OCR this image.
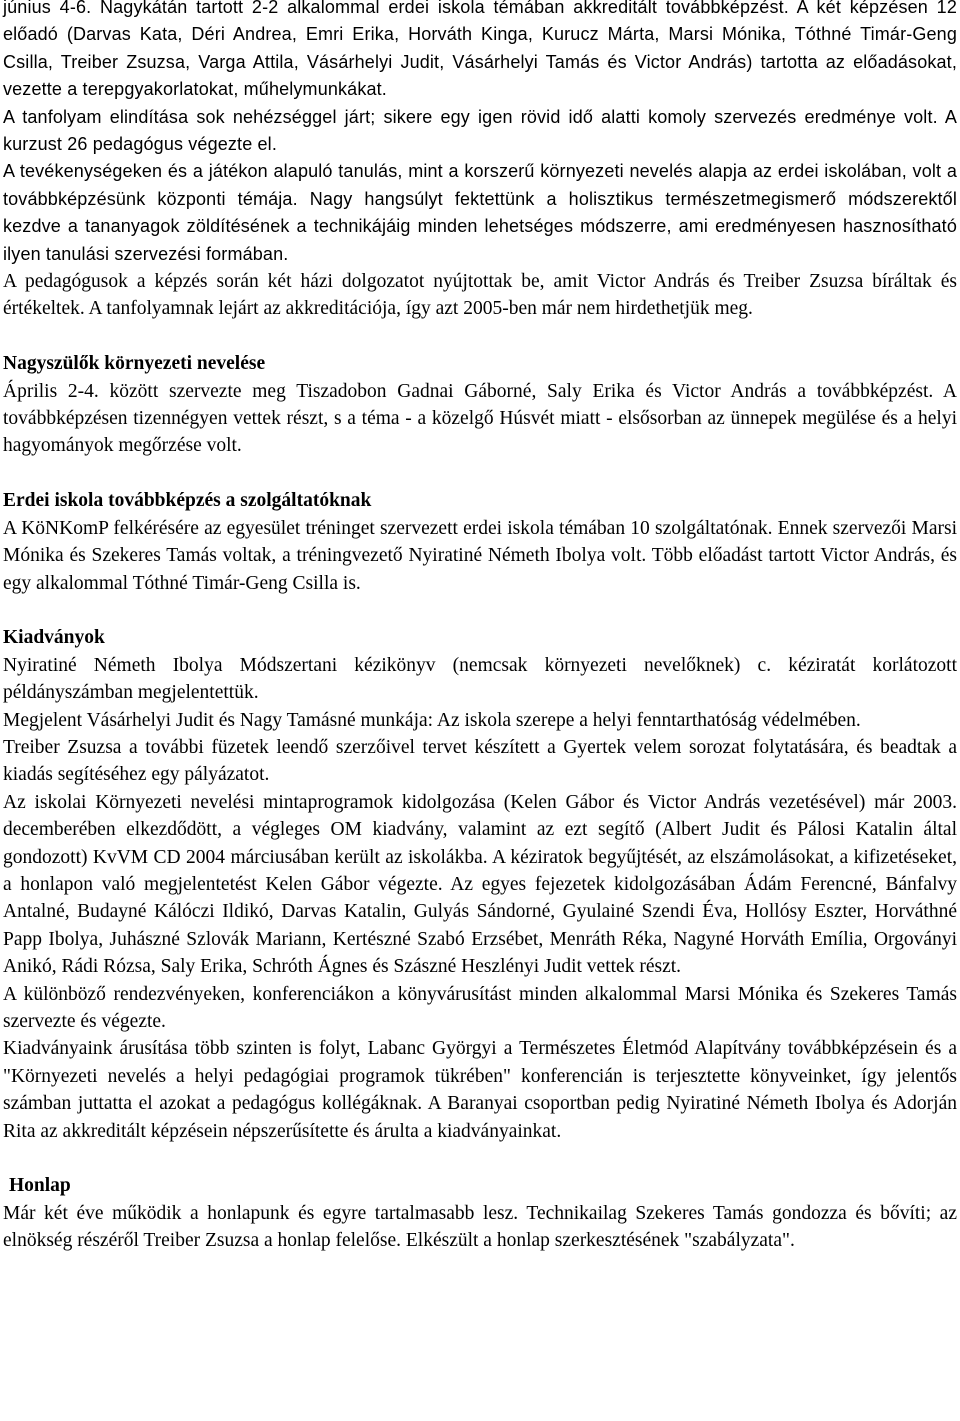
június 4-6. Nagykátán tartott 2-2 alkalommal erdei iskola témában akkreditált továbbképzést. A két képzésen 12 előadó (Darvas Kata, Déri Andrea, Emri Erika, Horváth Kinga, Kurucz Márta, Marsi Mónika, Tóthné Timár-Geng Csilla, Treiber Zsuzsa, Varga Attila, Vásárhelyi Judit, Vásárhelyi Tamás és Victor András) tartotta az előadásokat, vezette a terepgyakorlatokat, műhelymunkákat.

A tanfolyam elindítása sok nehézséggel járt; sikere egy igen rövid idő alatti komoly szervezés eredménye volt. A kurzust 26 pedagógus végezte el.

A tevékenységeken és a játékon alapuló tanulás, mint a korszerű környezeti nevelés alapja az erdei iskolában, volt a továbbképzésünk központi témája. Nagy hangsúlyt fektettünk a holisztikus természetmegismerő módszerektől kezdve a tananyagok zöldítésének a technikájáig minden lehetséges módszerre, ami eredményesen hasznosítható ilyen tanulási szervezési formában.

A pedagógusok a képzés során két házi dolgozatot nyújtottak be, amit Victor András és Treiber Zsuzsa bíráltak és értékeltek. A tanfolyamnak lejárt az akkreditációja, így azt 2005-ben már nem hirdethetjük meg.

Nagyszülők környezeti nevelése

Április 2-4. között szervezte meg Tiszadobon Gadnai Gáborné, Saly Erika és Victor András a továbbképzést. A továbbképzésen tizennégyen vettek részt, s a téma - a közelgő Húsvét miatt - elsősorban az ünnepek megülése és a helyi hagyományok megőrzése volt.

Erdei iskola továbbképzés a szolgáltatóknak

A KöNKomP felkérésére az egyesület tréninget szervezett erdei iskola témában 10 szolgáltatónak. Ennek szervezői Marsi Mónika és Szekeres Tamás voltak, a tréningvezető Nyiratiné Németh Ibolya volt. Több előadást tartott Victor András, és egy alkalommal Tóthné Timár-Geng Csilla is.

Kiadványok

Nyiratiné Németh Ibolya Módszertani kézikönyv (nemcsak környezeti nevelőknek) c. kéziratát korlátozott példányszámban megjelentettük.

Megjelent Vásárhelyi Judit és Nagy Tamásné munkája: Az iskola szerepe a helyi fenntarthatóság védelmében.

Treiber Zsuzsa a további füzetek leendő szerzőivel tervet készített a Gyertek velem sorozat folytatására, és beadtak a kiadás segítéséhez egy pályázatot.

Az iskolai Környezeti nevelési mintaprogramok kidolgozása (Kelen Gábor és Victor András vezetésével) már 2003. decemberében elkezdődött, a végleges OM kiadvány, valamint az ezt segítő (Albert Judit és Pálosi Katalin által gondozott) KvVM CD 2004 márciusában került az iskolákba. A kéziratok begyűjtését, az elszámolásokat, a kifizetéseket, a honlapon való megjelentetést Kelen Gábor végezte. Az egyes fejezetek kidolgozásában Ádám Ferencné, Bánfalvy Antalné, Budayné Kálóczi Ildikó, Darvas Katalin, Gulyás Sándorné, Gyulainé Szendi Éva, Hollósy Eszter, Horváthné Papp Ibolya, Juhászné Szlovák Mariann, Kertészné Szabó Erzsébet, Menráth Réka, Nagyné Horváth Emília, Orgoványi Anikó, Rádi Rózsa, Saly Erika, Schróth Ágnes és Szászné Heszlényi Judit vettek részt.

A különböző rendezvényeken, konferenciákon a könyvárusítást minden alkalommal Marsi Mónika és Szekeres Tamás szervezte és végezte.

Kiadványaink árusítása több szinten is folyt, Labanc Györgyi a Természetes Életmód Alapítvány továbbképzésein és a "Környezeti nevelés a helyi pedagógiai programok tükrében" konferencián is terjesztette könyveinket, így jelentős számban juttatta el azokat a pedagógus kollégáknak. A Baranyai csoportban pedig Nyiratiné Németh Ibolya és Adorján Rita az akkreditált képzésein népszerűsítette és árulta a kiadványainkat.

Honlap

Már két éve működik a honlapunk és egyre tartalmasabb lesz. Technikailag Szekeres Tamás gondozza és bővíti; az elnökség részéről Treiber Zsuzsa a honlap felelőse. Elkészült a honlap szerkesztésének "szabályzata".
